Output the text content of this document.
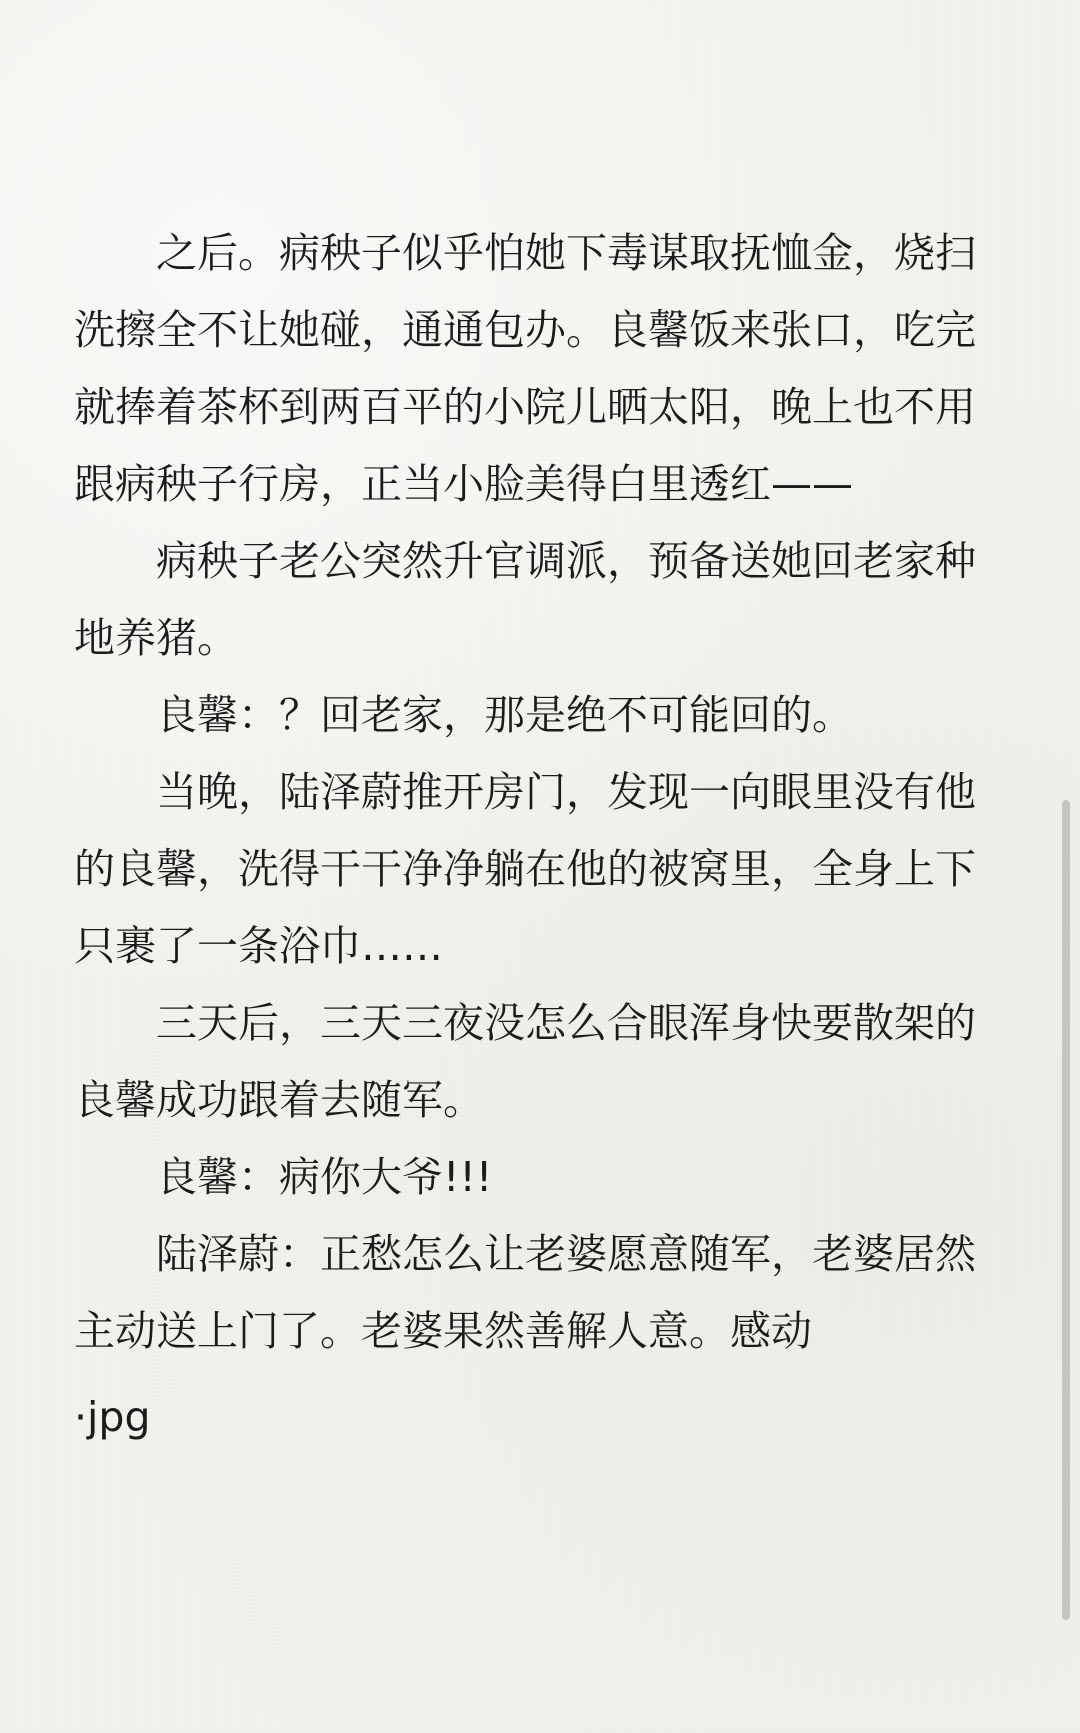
之后。病秧子似乎怕她下毒谋取抚恤金，烧扫洗擦全不让她碰，通通包办。良馨饭来张口，吃完就捧着茶杯到两百平的小院儿晒太阳，晚上也不用跟病秧子行房，正当小脸美得白里透红——

病秧子老公突然升官调派，预备送她回老家种地养猪。

良馨：？回老家，那是绝不可能回的。

当晚，陆泽蔚推开房门，发现一向眼里没有他的良馨，洗得干干净净躺在他的被窝里，全身上下只裹了一条浴巾……

三天后，三天三夜没怎么合眼浑身快要散架的良馨成功跟着去随军。

良馨：病你大爷!!!

陆泽蔚：正愁怎么让老婆愿意随军，老婆居然主动送上门了。老婆果然善解人意。感动

·jpg
